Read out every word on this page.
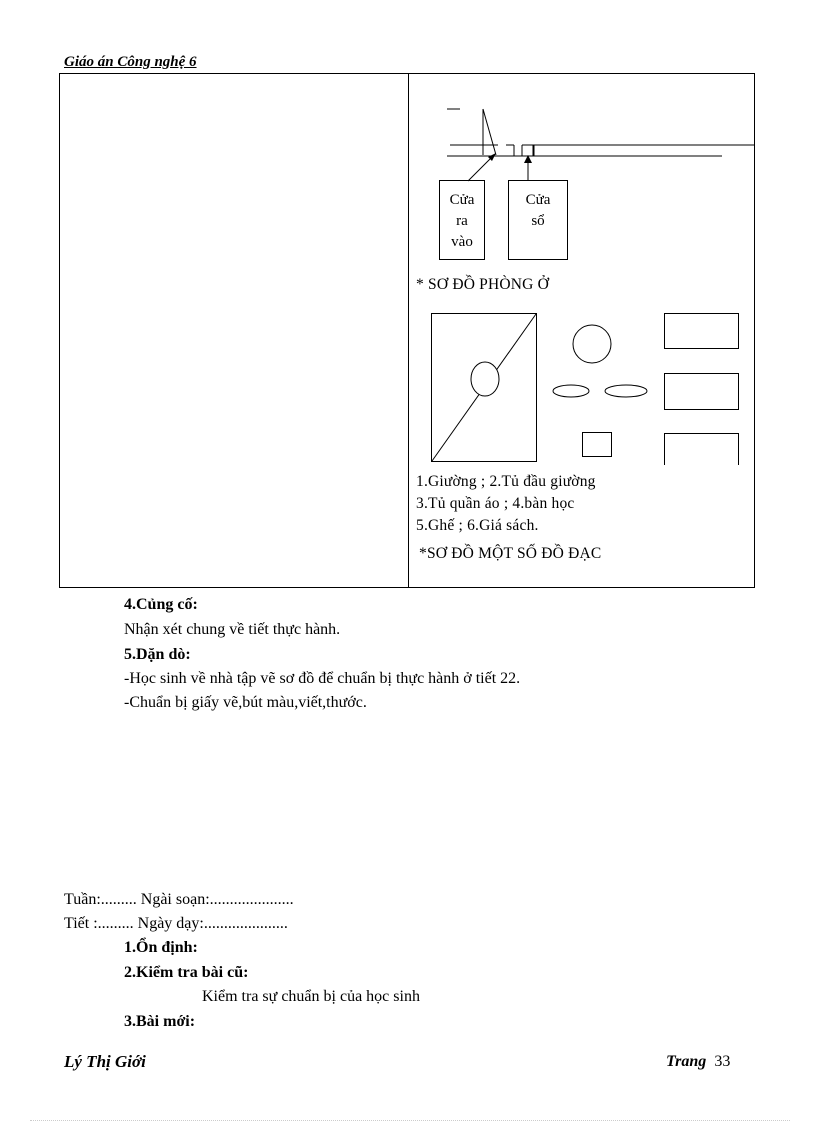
Giáo án Công nghệ 6
Cửa
ra
vào
Cửa
sổ
* SƠ ĐỒ PHÒNG Ở
1.Giường ; 2.Tủ đầu giường
3.Tủ quần áo ; 4.bàn học
5.Ghế ; 6.Giá sách.
*SƠ ĐỒ MỘT SỐ ĐỒ ĐẠC
4.Củng cố:
Nhận xét chung về tiết thực hành.
5.Dặn dò:
-Học sinh về nhà tập vẽ sơ đồ để chuẩn bị thực hành ở tiết 22.
-Chuẩn bị giấy vẽ,bút màu,viết,thước.
Tuần:......... Ngài soạn:.....................
Tiết :......... Ngày dạy:.....................
1.Ổn định:
2.Kiểm tra bài cũ:
Kiểm tra sự chuẩn bị của học sinh
3.Bài mới:
Lý Thị Giới	Trang 33
